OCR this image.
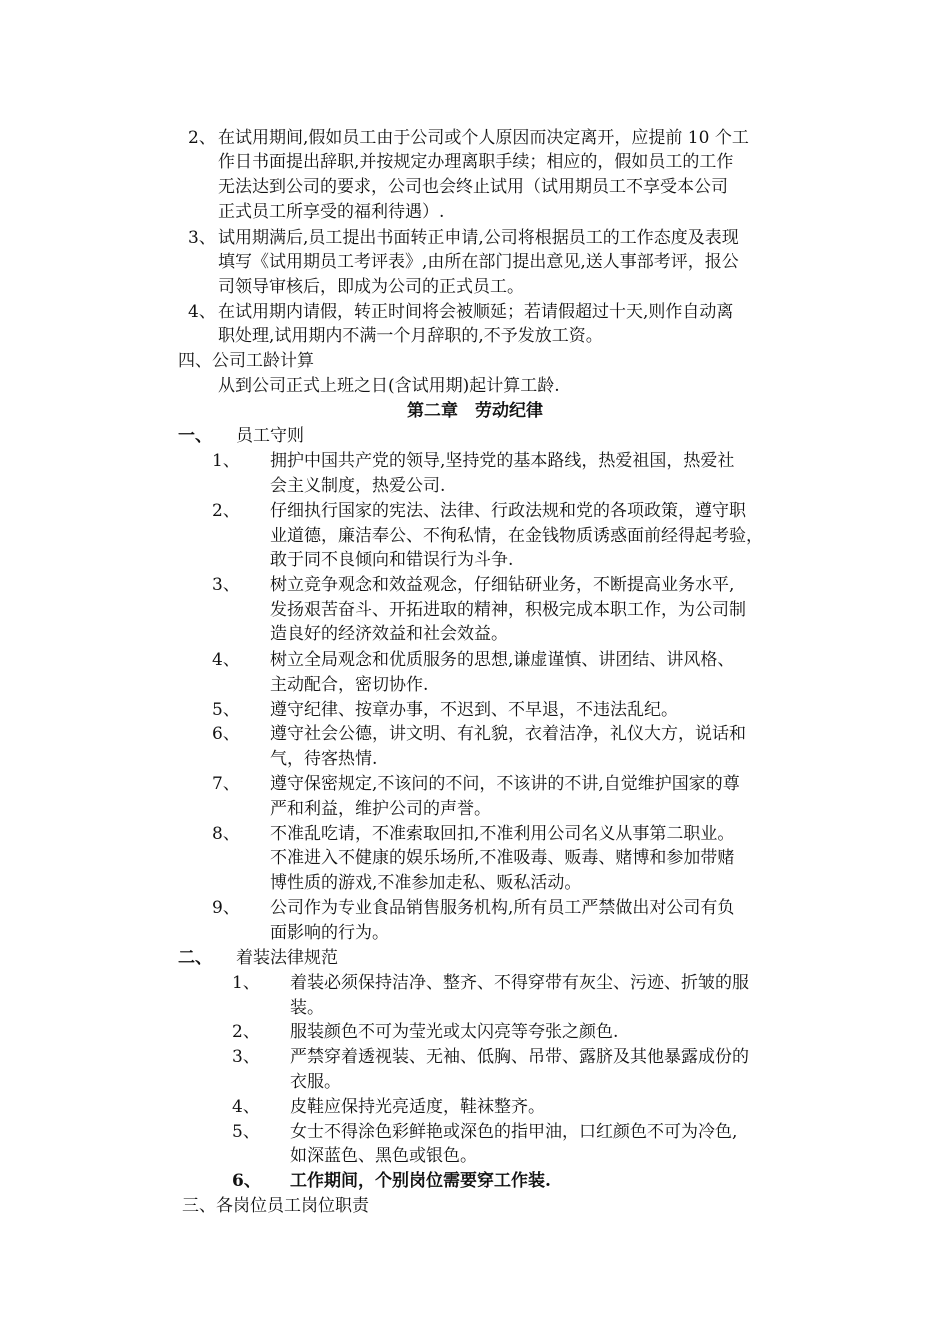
2、 在试用期间,假如员工由于公司或个人原因而决定离开，应提前 10 个工
作日书面提出辞职,并按规定办理离职手续；相应的，假如员工的工作
无法达到公司的要求，公司也会终止试用（试用期员工不享受本公司
正式员工所享受的福利待遇）.
3、 试用期满后,员工提出书面转正申请,公司将根据员工的工作态度及表现
填写《试用期员工考评表》,由所在部门提出意见,送人事部考评，报公
司领导审核后，即成为公司的正式员工。
4、 在试用期内请假，转正时间将会被顺延；若请假超过十天,则作自动离
职处理,试用期内不满一个月辞职的,不予发放工资。
四、公司工龄计算
从到公司正式上班之日(含试用期)起计算工龄.
第二章　劳动纪律
一、 员工守则
1、 拥护中国共产党的领导,坚持党的基本路线，热爱祖国，热爱社
会主义制度，热爱公司.
2、 仔细执行国家的宪法、法律、行政法规和党的各项政策，遵守职
业道德，廉洁奉公、不徇私情，在金钱物质诱惑面前经得起考验，
敢于同不良倾向和错误行为斗争.
3、 树立竞争观念和效益观念，仔细钻研业务，不断提高业务水平,
发扬艰苦奋斗、开拓进取的精神，积极完成本职工作，为公司制
造良好的经济效益和社会效益。
4、 树立全局观念和优质服务的思想,谦虚谨慎、讲团结、讲风格、
主动配合，密切协作.
5、 遵守纪律、按章办事，不迟到、不早退，不违法乱纪。
6、 遵守社会公德，讲文明、有礼貌，衣着洁净，礼仪大方，说话和
气，待客热情.
7、 遵守保密规定,不该问的不问，不该讲的不讲,自觉维护国家的尊
严和利益，维护公司的声誉。
8、 不准乱吃请，不准索取回扣,不准利用公司名义从事第二职业。
不准进入不健康的娱乐场所,不准吸毒、贩毒、赌博和参加带赌
博性质的游戏,不准参加走私、贩私活动。
9、 公司作为专业食品销售服务机构,所有员工严禁做出对公司有负
面影响的行为。
二、 着装法律规范
1、 着装必须保持洁净、整齐、不得穿带有灰尘、污迹、折皱的服
装。
2、 服装颜色不可为莹光或太闪亮等夸张之颜色.
3、 严禁穿着透视装、无袖、低胸、吊带、露脐及其他暴露成份的
衣服。
4、 皮鞋应保持光亮适度，鞋袜整齐。
5、 女士不得涂色彩鲜艳或深色的指甲油，口红颜色不可为冷色,
如深蓝色、黑色或银色。
6、 工作期间，个别岗位需要穿工作装.
三、各岗位员工岗位职责
